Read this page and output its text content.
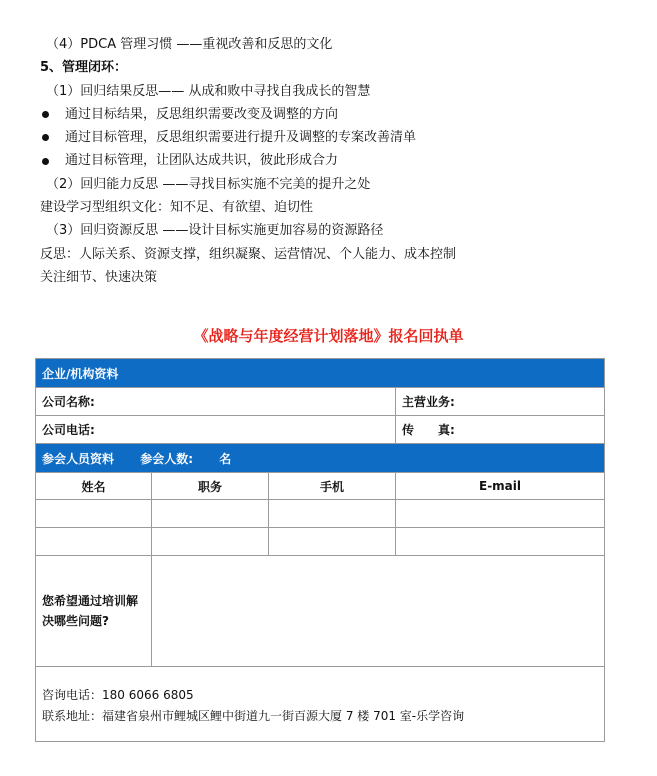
（4）PDCA 管理习惯 ——重视改善和反思的文化
5、管理闭环：
（1）回归结果反思—— 从成和败中寻找自我成长的智慧
通过目标结果，反思组织需要改变及调整的方向
通过目标管理，反思组织需要进行提升及调整的专案改善清单
通过目标管理，让团队达成共识，彼此形成合力
（2）回归能力反思 ——寻找目标实施不完美的提升之处
建设学习型组织文化：知不足、有欲望、迫切性
（3）回归资源反思 ——设计目标实施更加容易的资源路径
反思：人际关系、资源支撑，组织凝聚、运营情况、个人能力、成本控制
关注细节、快速决策
《战略与年度经营计划落地》报名回执单
企业/机构资料			
公司名称:			主营业务:
公司电话:			传 真:
参会人员资料 参会人数: 名			
姓名	职务	手机	E-mail

您希望通过培训解
决哪些问题?			

咨询电话：180 6066 6805
联系地址：福建省泉州市鲤城区鲤中街道九一街百源大厦 7 楼 701 室-乐学咨询			
